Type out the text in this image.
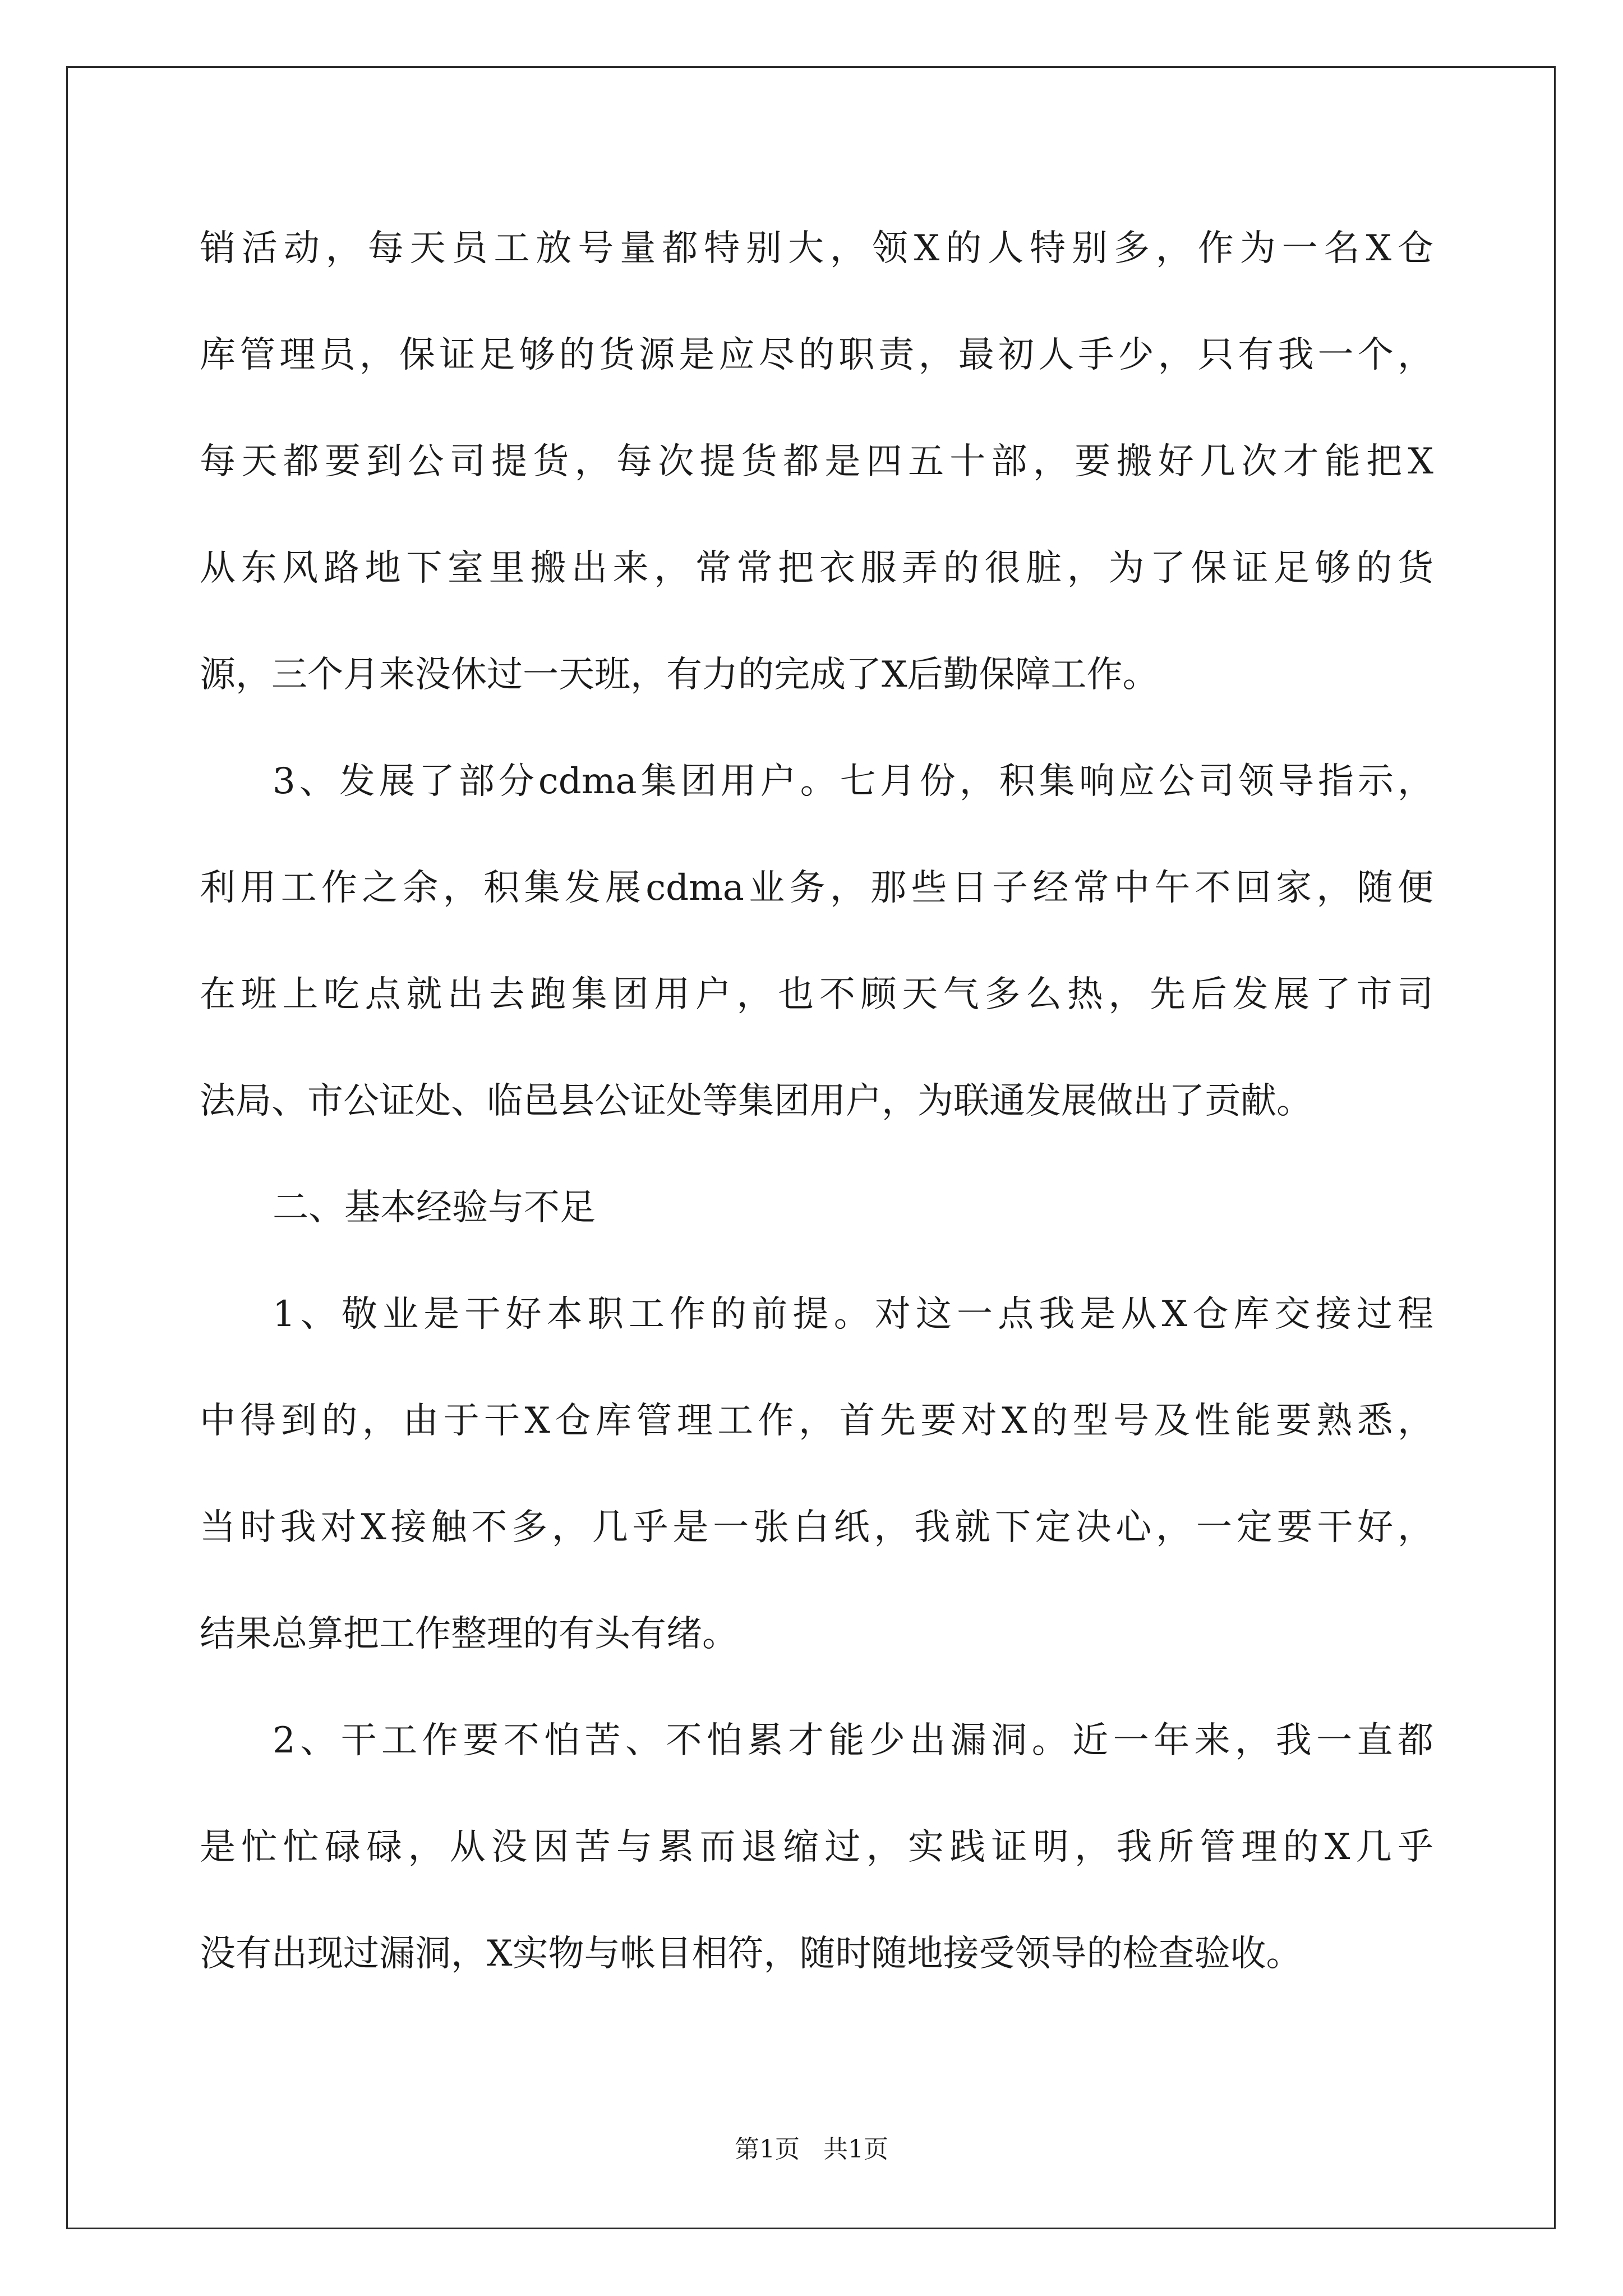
销活动，每天员工放号量都特别大，领X的人特别多，作为一名X仓
库管理员，保证足够的货源是应尽的职责，最初人手少，只有我一个，
每天都要到公司提货，每次提货都是四五十部，要搬好几次才能把X
从东风路地下室里搬出来，常常把衣服弄的很脏，为了保证足够的货
源，三个月来没休过一天班，有力的完成了X后勤保障工作。
3、发展了部分cdma集团用户。七月份，积集响应公司领导指示，
利用工作之余，积集发展cdma业务，那些日子经常中午不回家，随便
在班上吃点就出去跑集团用户，也不顾天气多么热，先后发展了市司
法局、市公证处、临邑县公证处等集团用户，为联通发展做出了贡献。
二、基本经验与不足
1、敬业是干好本职工作的前提。对这一点我是从X仓库交接过程
中得到的，由于干X仓库管理工作，首先要对X的型号及性能要熟悉，
当时我对X接触不多，几乎是一张白纸，我就下定决心，一定要干好，
结果总算把工作整理的有头有绪。
2、干工作要不怕苦、不怕累才能少出漏洞。近一年来，我一直都
是忙忙碌碌，从没因苦与累而退缩过，实践证明，我所管理的X几乎
没有出现过漏洞，X实物与帐目相符，随时随地接受领导的检查验收。
第1页   共1页
